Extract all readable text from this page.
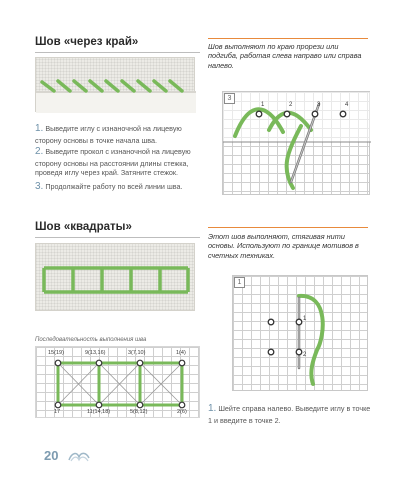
Шов «через край»	Шов выполняют по краю прорези или подгиба, работая слева направо или справа налево.
1. Выведите иглу с изнаночной на лицевую сторону основы в точке начала шва.
2. Выведите прокол с изнаночной на лицевую сторону основы на расстоянии длины стежка, проведя иглу через край. Затяните стежок.
3. Продолжайте работу по всей линии шва.
1	2	3	4
3
Шов «квадраты»
Этот шов выполняют, стягивая нити основы. Используют по границе мотивов в счетных техниках.
Последовательность выполнения шва
15(19)	9(13,16)	3(7,10)	1(4)
17	11(14,18)	5(8,12)	2(6)
1
2
1
1. Шейте справа налево. Выведите иглу в точке 1 и введите в точке 2.
20
